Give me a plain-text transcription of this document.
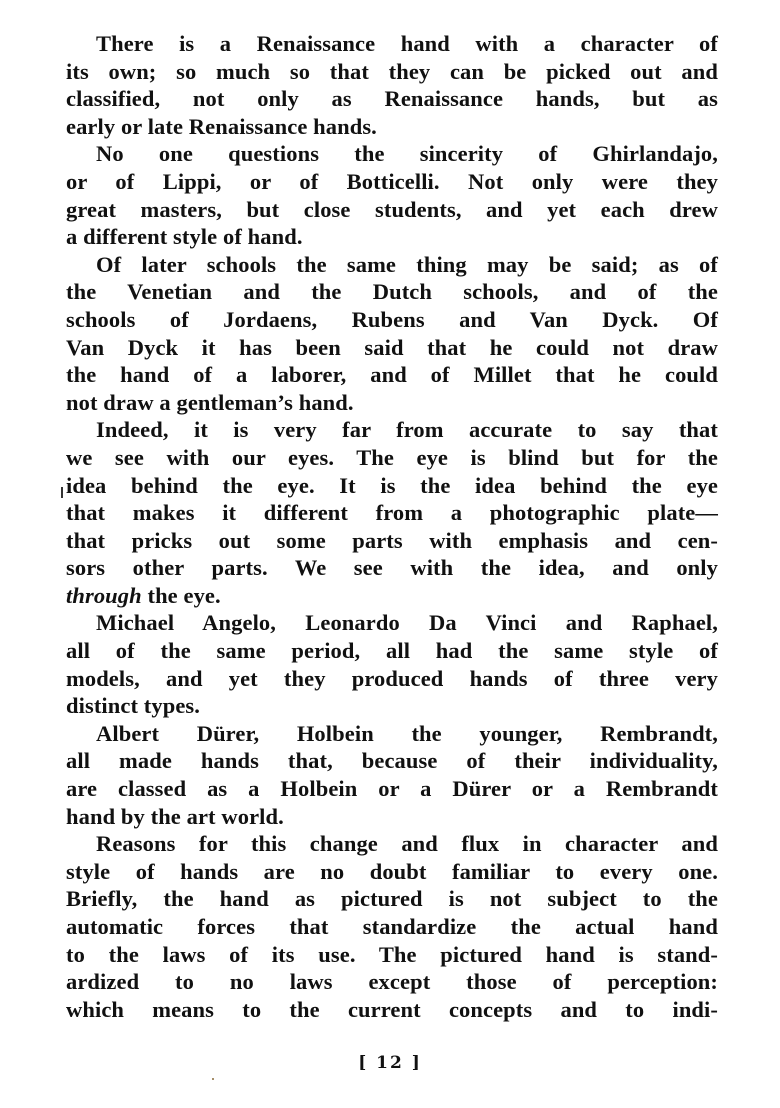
There is a Renaissance hand with a character of
its own; so much so that they can be picked out and
classified, not only as Renaissance hands, but as
early or late Renaissance hands.
No one questions the sincerity of Ghirlandajo,
or of Lippi, or of Botticelli. Not only were they
great masters, but close students, and yet each drew
a different style of hand.
Of later schools the same thing may be said; as of
the Venetian and the Dutch schools, and of the
schools of Jordaens, Rubens and Van Dyck. Of
Van Dyck it has been said that he could not draw
the hand of a laborer, and of Millet that he could
not draw a gentleman’s hand.
Indeed, it is very far from accurate to say that
we see with our eyes. The eye is blind but for the
idea behind the eye. It is the idea behind the eye
that makes it different from a photographic plate—
that pricks out some parts with emphasis and cen-
sors other parts. We see with the idea, and only
through the eye.
Michael Angelo, Leonardo Da Vinci and Raphael,
all of the same period, all had the same style of
models, and yet they produced hands of three very
distinct types.
Albert Dürer, Holbein the younger, Rembrandt,
all made hands that, because of their individuality,
are classed as a Holbein or a Dürer or a Rembrandt
hand by the art world.
Reasons for this change and flux in character and
style of hands are no doubt familiar to every one.
Briefly, the hand as pictured is not subject to the
automatic forces that standardize the actual hand
to the laws of its use. The pictured hand is stand-
ardized to no laws except those of perception:
which means to the current concepts and to indi-
[ 12 ]
